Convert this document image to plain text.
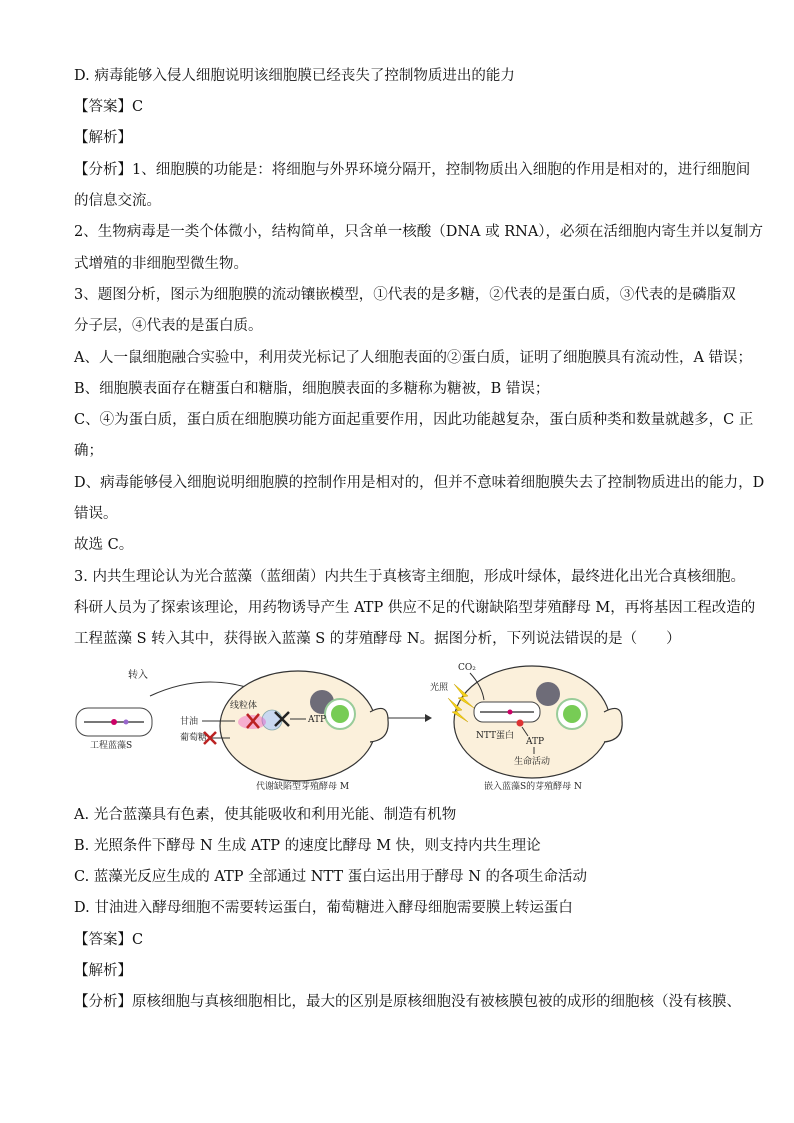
D. 病毒能够入侵人细胞说明该细胞膜已经丧失了控制物质进出的能力
【答案】C
【解析】
【分析】1、细胞膜的功能是：将细胞与外界环境分隔开，控制物质出入细胞的作用是相对的，进行细胞间
的信息交流。
2、生物病毒是一类个体微小，结构简单，只含单一核酸（DNA 或 RNA），必须在活细胞内寄生并以复制方
式增殖的非细胞型微生物。
3、题图分析，图示为细胞膜的流动镶嵌模型，①代表的是多糖，②代表的是蛋白质，③代表的是磷脂双
分子层，④代表的是蛋白质。
A、人一鼠细胞融合实验中，利用荧光标记了人细胞表面的②蛋白质，证明了细胞膜具有流动性，A 错误；
B、细胞膜表面存在糖蛋白和糖脂，细胞膜表面的多糖称为糖被，B 错误；
C、④为蛋白质，蛋白质在细胞膜功能方面起重要作用，因此功能越复杂，蛋白质种类和数量就越多，C 正
确；
D、病毒能够侵入细胞说明细胞膜的控制作用是相对的，但并不意味着细胞膜失去了控制物质进出的能力，D
错误。
故选 C。
3. 内共生理论认为光合蓝藻（蓝细菌）内共生于真核寄主细胞，形成叶绿体，最终进化出光合真核细胞。
科研人员为了探索该理论，用药物诱导产生 ATP 供应不足的代谢缺陷型芽殖酵母 M，再将基因工程改造的
工程蓝藻 S 转入其中，获得嵌入蓝藻 S 的芽殖酵母 N。据图分析，下列说法错误的是（　　）
工程蓝藻S
转入
线粒体
甘油
葡萄糖
ATP
代谢缺陷型芽殖酵母 M
CO₂
光照
NTT蛋白
ATP
生命活动
嵌入蓝藻S的芽殖酵母 N
A. 光合蓝藻具有色素，使其能吸收和利用光能、制造有机物
B. 光照条件下酵母 N 生成 ATP 的速度比酵母 M 快，则支持内共生理论
C. 蓝藻光反应生成的 ATP 全部通过 NTT 蛋白运出用于酵母 N 的各项生命活动
D. 甘油进入酵母细胞不需要转运蛋白，葡萄糖进入酵母细胞需要膜上转运蛋白
【答案】C
【解析】
【分析】原核细胞与真核细胞相比，最大的区别是原核细胞没有被核膜包被的成形的细胞核（没有核膜、
